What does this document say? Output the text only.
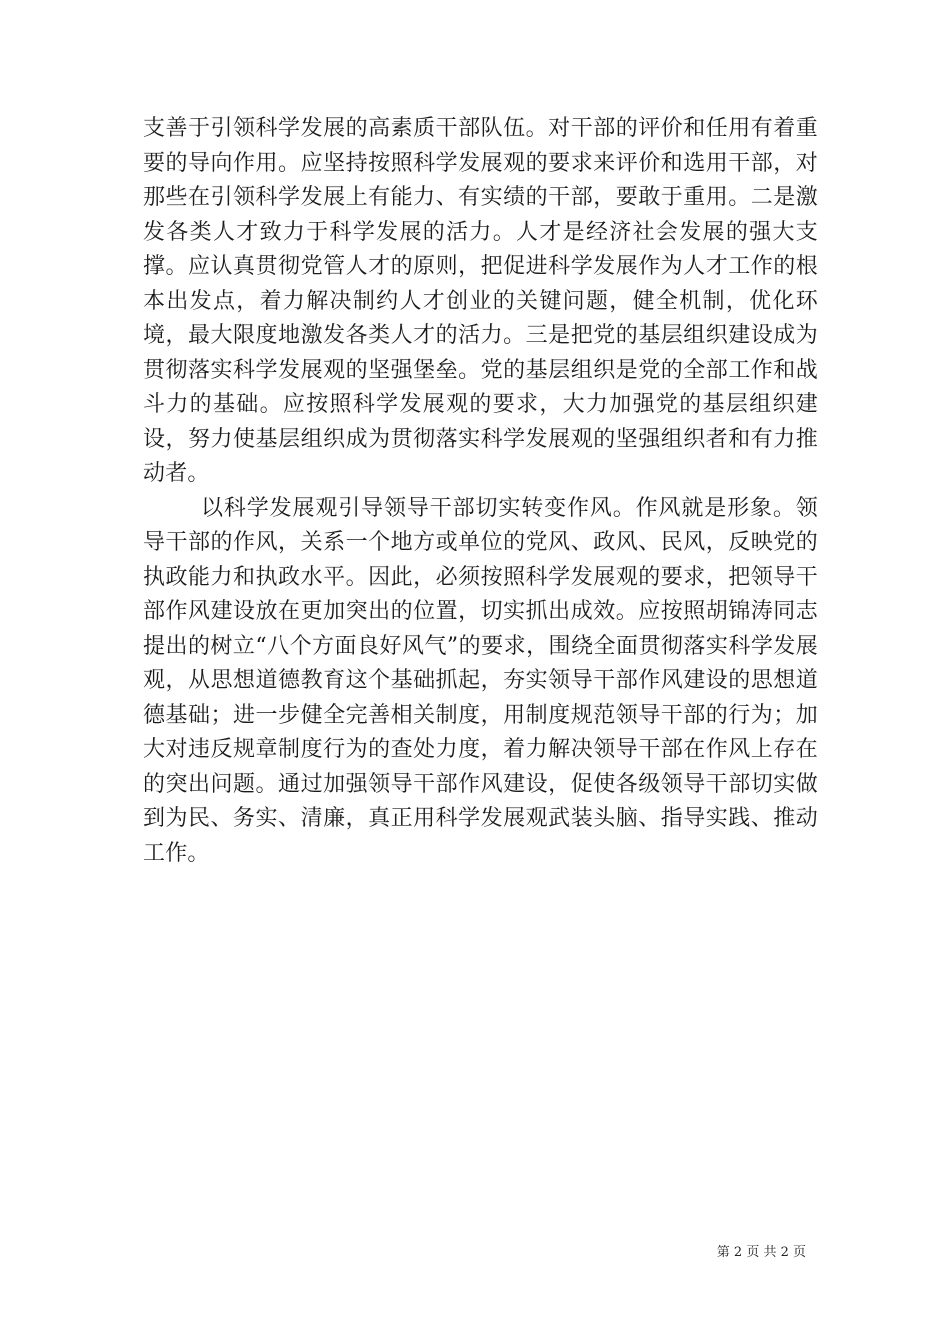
支善于引领科学发展的高素质干部队伍。对干部的评价和任用有着重要的导向作用。应坚持按照科学发展观的要求来评价和选用干部，对那些在引领科学发展上有能力、有实绩的干部，要敢于重用。二是激发各类人才致力于科学发展的活力。人才是经济社会发展的强大支撑。应认真贯彻党管人才的原则，把促进科学发展作为人才工作的根本出发点，着力解决制约人才创业的关键问题，健全机制，优化环境，最大限度地激发各类人才的活力。三是把党的基层组织建设成为贯彻落实科学发展观的坚强堡垒。党的基层组织是党的全部工作和战斗力的基础。应按照科学发展观的要求，大力加强党的基层组织建设，努力使基层组织成为贯彻落实科学发展观的坚强组织者和有力推动者。

以科学发展观引导领导干部切实转变作风。作风就是形象。领导干部的作风，关系一个地方或单位的党风、政风、民风，反映党的执政能力和执政水平。因此，必须按照科学发展观的要求，把领导干部作风建设放在更加突出的位置，切实抓出成效。应按照胡锦涛同志提出的树立“八个方面良好风气”的要求，围绕全面贯彻落实科学发展观，从思想道德教育这个基础抓起，夯实领导干部作风建设的思想道德基础；进一步健全完善相关制度，用制度规范领导干部的行为；加大对违反规章制度行为的查处力度，着力解决领导干部在作风上存在的突出问题。通过加强领导干部作风建设，促使各级领导干部切实做到为民、务实、清廉，真正用科学发展观武装头脑、指导实践、推动工作。

第 2 页 共 2 页
